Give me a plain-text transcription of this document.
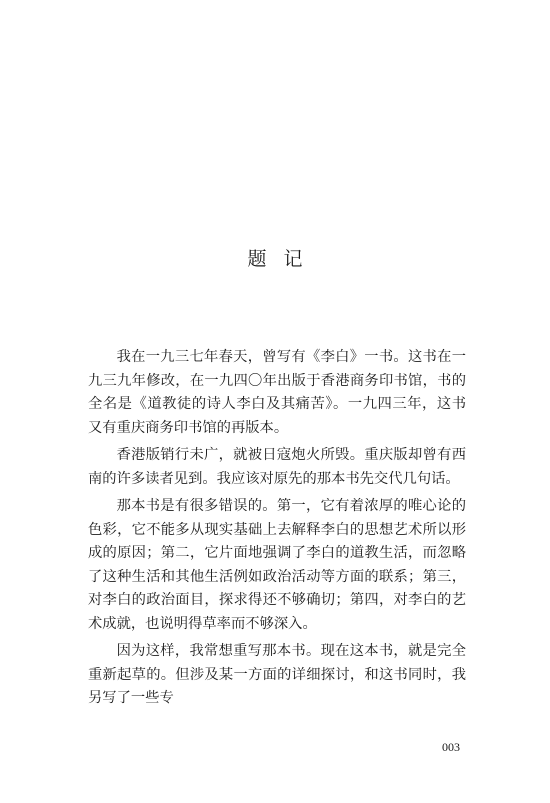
题记

我在一九三七年春天，曾写有《李白》一书。这书在一九三九年修改，在一九四〇年出版于香港商务印书馆，书的全名是《道教徒的诗人李白及其痛苦》。一九四三年，这书又有重庆商务印书馆的再版本。

香港版销行未广，就被日寇炮火所毁。重庆版却曾有西南的许多读者见到。我应该对原先的那本书先交代几句话。

那本书是有很多错误的。第一，它有着浓厚的唯心论的色彩，它不能多从现实基础上去解释李白的思想艺术所以形成的原因；第二，它片面地强调了李白的道教生活，而忽略了这种生活和其他生活例如政治活动等方面的联系；第三，对李白的政治面目，探求得还不够确切；第四，对李白的艺术成就，也说明得草率而不够深入。

因为这样，我常想重写那本书。现在这本书，就是完全重新起草的。但涉及某一方面的详细探讨，和这书同时，我另写了一些专

003
